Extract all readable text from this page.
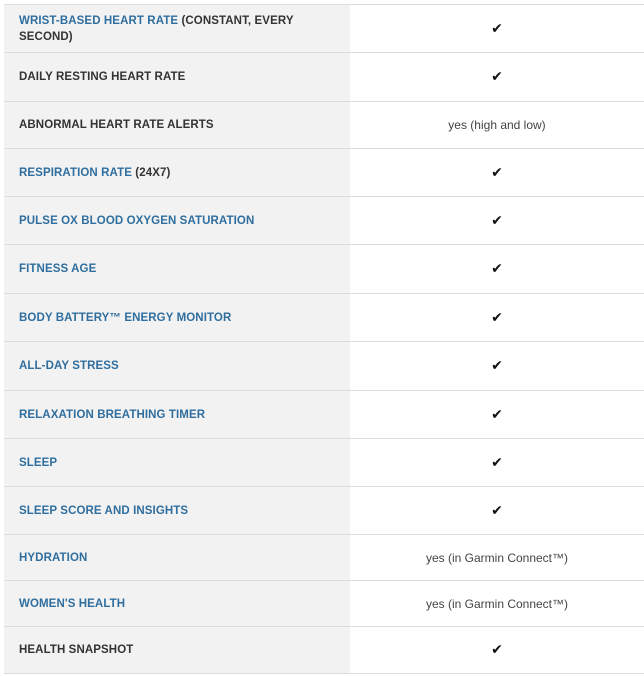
WRIST-BASED HEART RATE (CONSTANT, EVERY SECOND)	✔

DAILY RESTING HEART RATE	✔

ABNORMAL HEART RATE ALERTS	yes (high and low)

RESPIRATION RATE (24X7)	✔

PULSE OX BLOOD OXYGEN SATURATION	✔

FITNESS AGE	✔

BODY BATTERY™ ENERGY MONITOR	✔

ALL-DAY STRESS	✔

RELAXATION BREATHING TIMER	✔

SLEEP	✔

SLEEP SCORE AND INSIGHTS	✔

HYDRATION	yes (in Garmin Connect™)

WOMEN'S HEALTH	yes (in Garmin Connect™)

HEALTH SNAPSHOT	✔
